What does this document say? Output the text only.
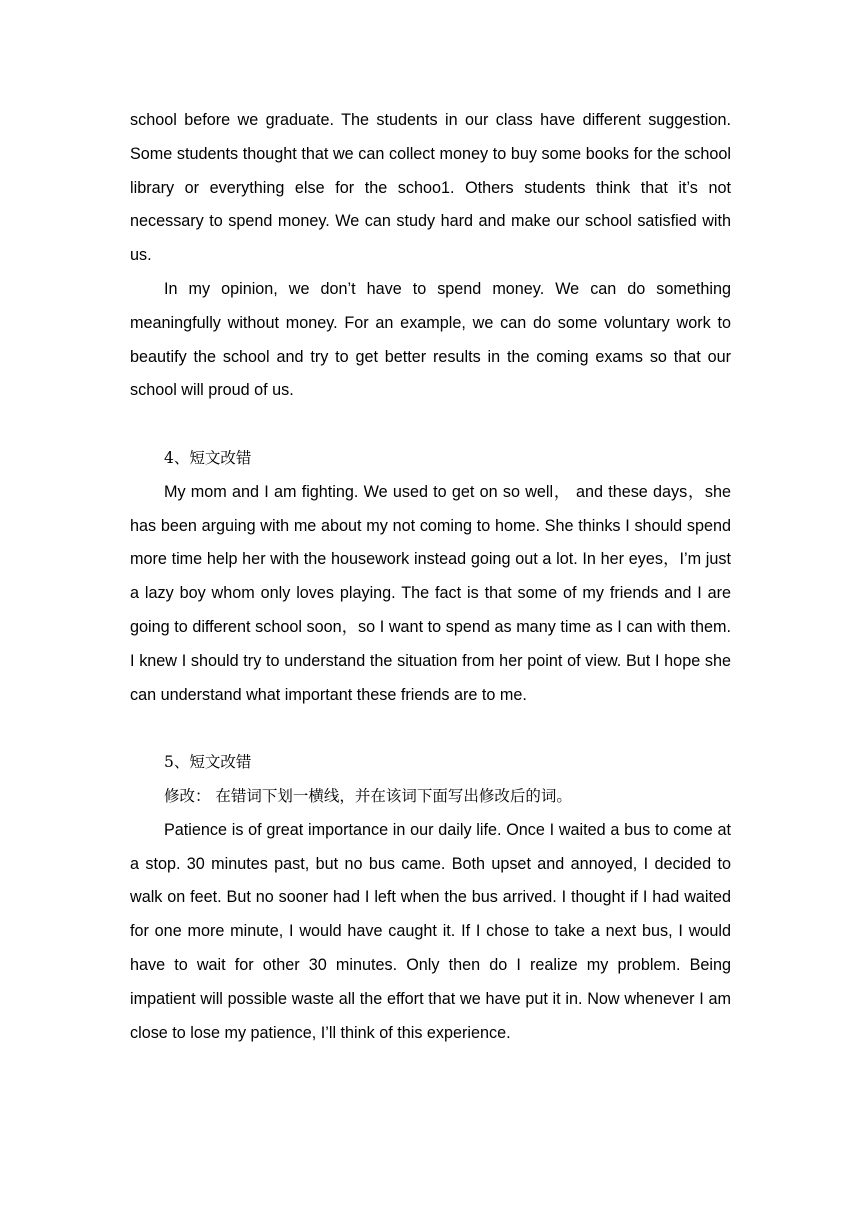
school before we graduate. The students in our class have different suggestion. Some students thought that we can collect money to buy some books for the school library or everything else for the schoo1. Others students think that it’s not necessary to spend money. We can study hard and make our school satisfied with us.

In my opinion, we don’t have to spend money. We can do something meaningfully without money. For an example, we can do some voluntary work to beautify the school and try to get better results in the coming exams so that our school will proud of us.

4、短文改错

My mom and I am fighting. We used to get on so well， and these days，she has been arguing with me about my not coming to home. She thinks I should spend more time help her with the housework instead going out a lot. In her eyes，I’m just a lazy boy whom only loves playing. The fact is that some of my friends and I are going to different school soon，so I want to spend as many time as I can with them. I knew I should try to understand the situation from her point of view. But I hope she can understand what important these friends are to me.

5、短文改错

修改： 在错词下划一横线，并在该词下面写出修改后的词。

Patience is of great importance in our daily life. Once I waited a bus to come at a stop. 30 minutes past, but no bus came. Both upset and annoyed, I decided to walk on feet. But no sooner had I left when the bus arrived. I thought if I had waited for one more minute, I would have caught it. If I chose to take a next bus, I would have to wait for other 30 minutes. Only then do I realize my problem. Being impatient will possible waste all the effort that we have put it in. Now whenever I am close to lose my patience, I’ll think of this experience.
